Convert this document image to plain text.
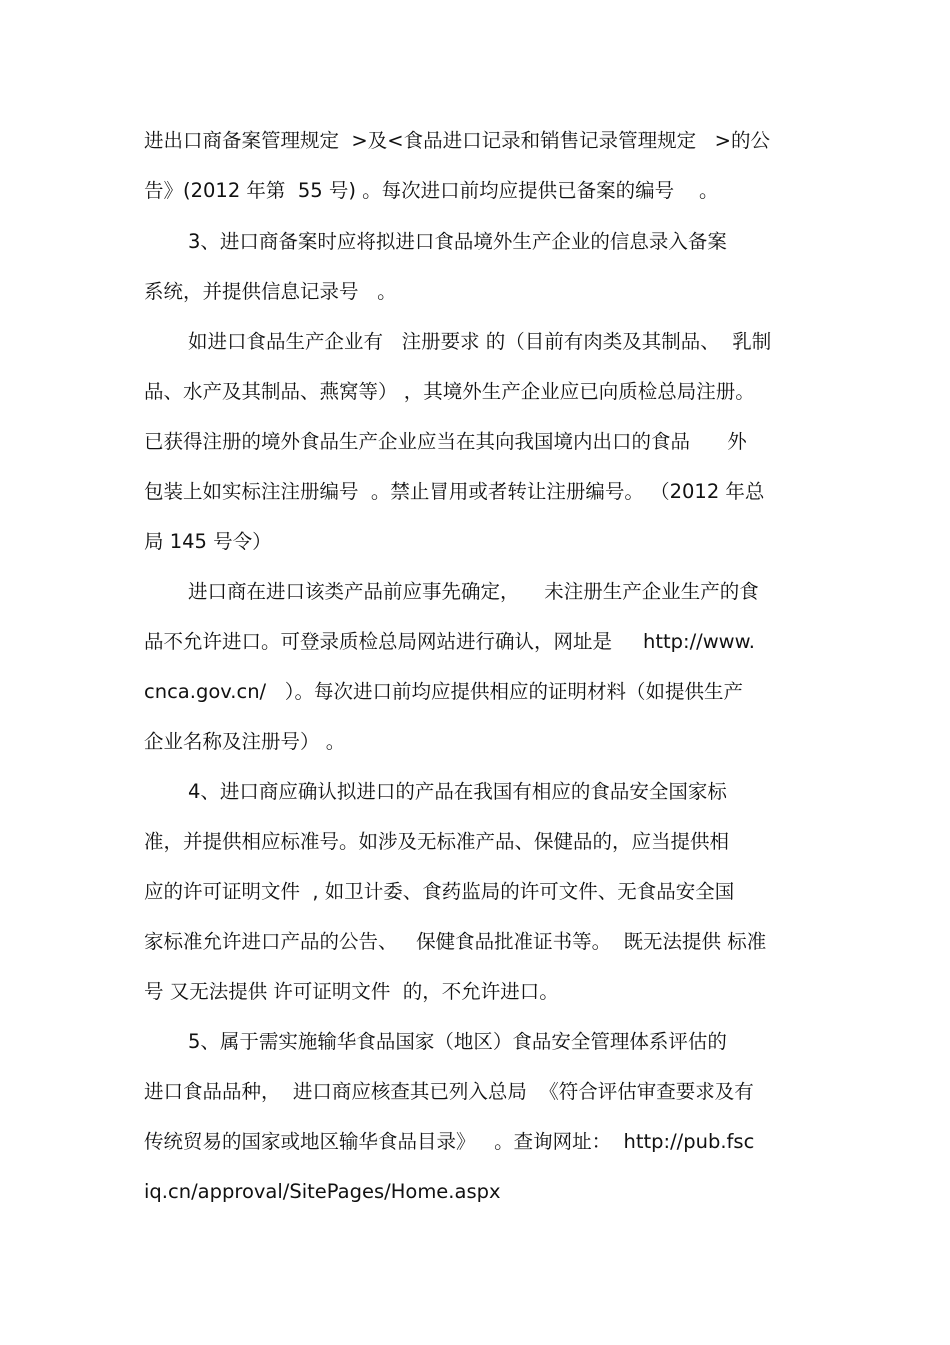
进出口商备案管理规定  >及<食品进口记录和销售记录管理规定   >的公
告》(2012 年第  55 号) 。每次进口前均应提供已备案的编号    。
3、进口商备案时应将拟进口食品境外生产企业的信息录入备案
系统，并提供信息记录号   。
如进口食品生产企业有   注册要求 的（目前有肉类及其制品、  乳制
品、水产及其制品、燕窝等） ，其境外生产企业应已向质检总局注册。
已获得注册的境外食品生产企业应当在其向我国境内出口的食品      外
包装上如实标注注册编号  。禁止冒用或者转让注册编号。 （2012 年总
局 145 号令）
进口商在进口该类产品前应事先确定，    未注册生产企业生产的食
品不允许进口。可登录质检总局网站进行确认，网址是     http://www.
cnca.gov.cn/   ）。每次进口前均应提供相应的证明材料（如提供生产
企业名称及注册号） 。
4、进口商应确认拟进口的产品在我国有相应的食品安全国家标
准，并提供相应标准号。如涉及无标准产品、保健品的，应当提供相
应的许可证明文件  , 如卫计委、食药监局的许可文件、无食品安全国
家标准允许进口产品的公告、   保健食品批准证书等。  既无法提供 标准
号 又无法提供 许可证明文件  的，不允许进口。
5、属于需实施输华食品国家（地区）食品安全管理体系评估的
进口食品品种，  进口商应核查其已列入总局  《符合评估审查要求及有
传统贸易的国家或地区输华食品目录》   。查询网址：  http://pub.fsc
iq.cn/approval/SitePages/Home.aspx
